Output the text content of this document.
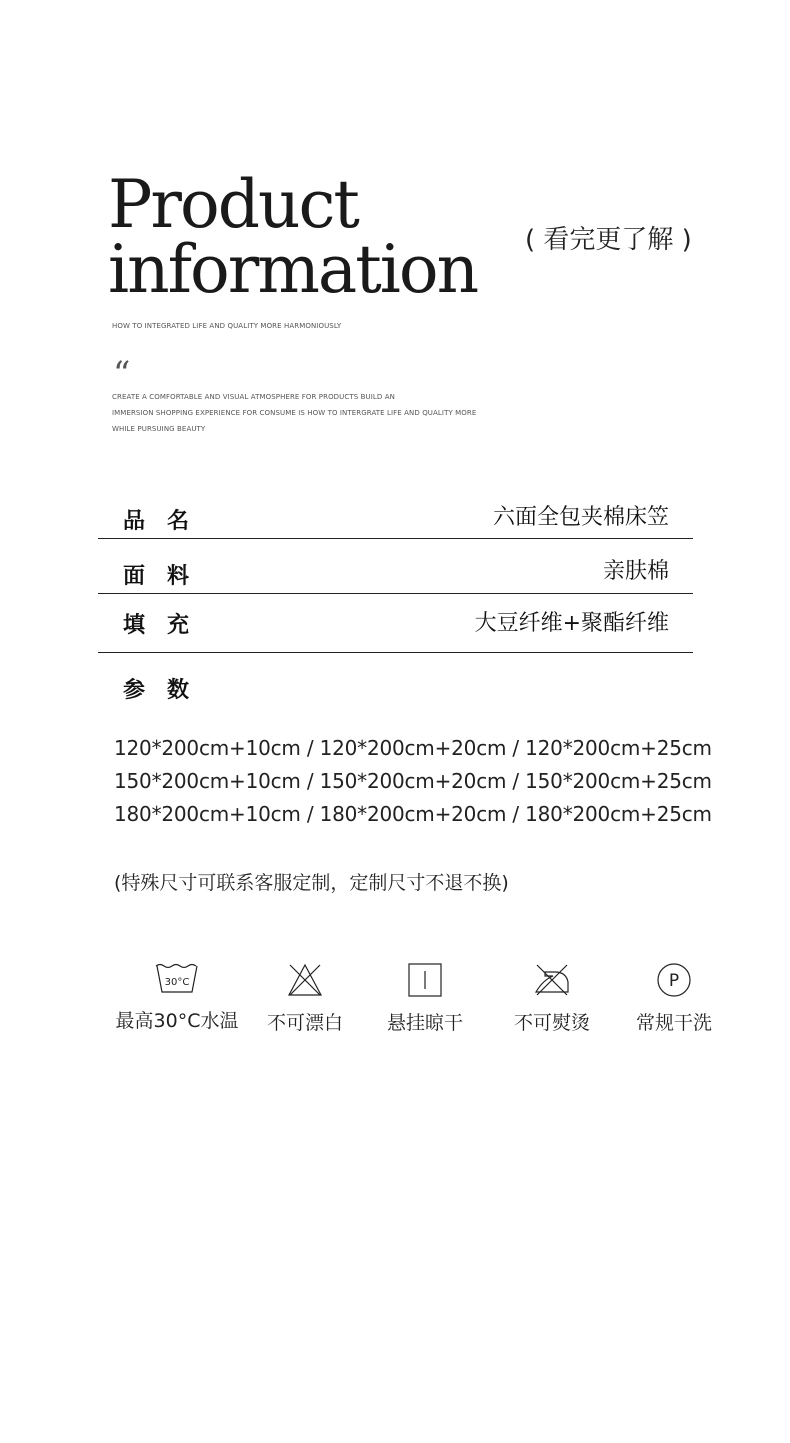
Product
information ( 看完更了解 )
HOW TO INTEGRATED LIFE AND QUALITY MORE HARMONIOUSLY
“
CREATE A COMFORTABLE AND VISUAL ATMOSPHERE FOR PRODUCTS BUILD AN
IMMERSION SHOPPING EXPERIENCE FOR CONSUME IS HOW TO INTERGRATE LIFE AND QUALITY MORE
WHILE PURSUING BEAUTY
品名	六面全包夹棉床笠
面料	亲肤棉
填充	大豆纤维+聚酯纤维
参数
120*200cm+10cm / 120*200cm+20cm / 120*200cm+25cm
150*200cm+10cm / 150*200cm+20cm / 150*200cm+25cm
180*200cm+10cm / 180*200cm+20cm / 180*200cm+25cm
(特殊尺寸可联系客服定制，定制尺寸不退不换)
30°C
最高30°C水温	不可漂白	悬挂晾干	不可熨烫
P
常规干洗
